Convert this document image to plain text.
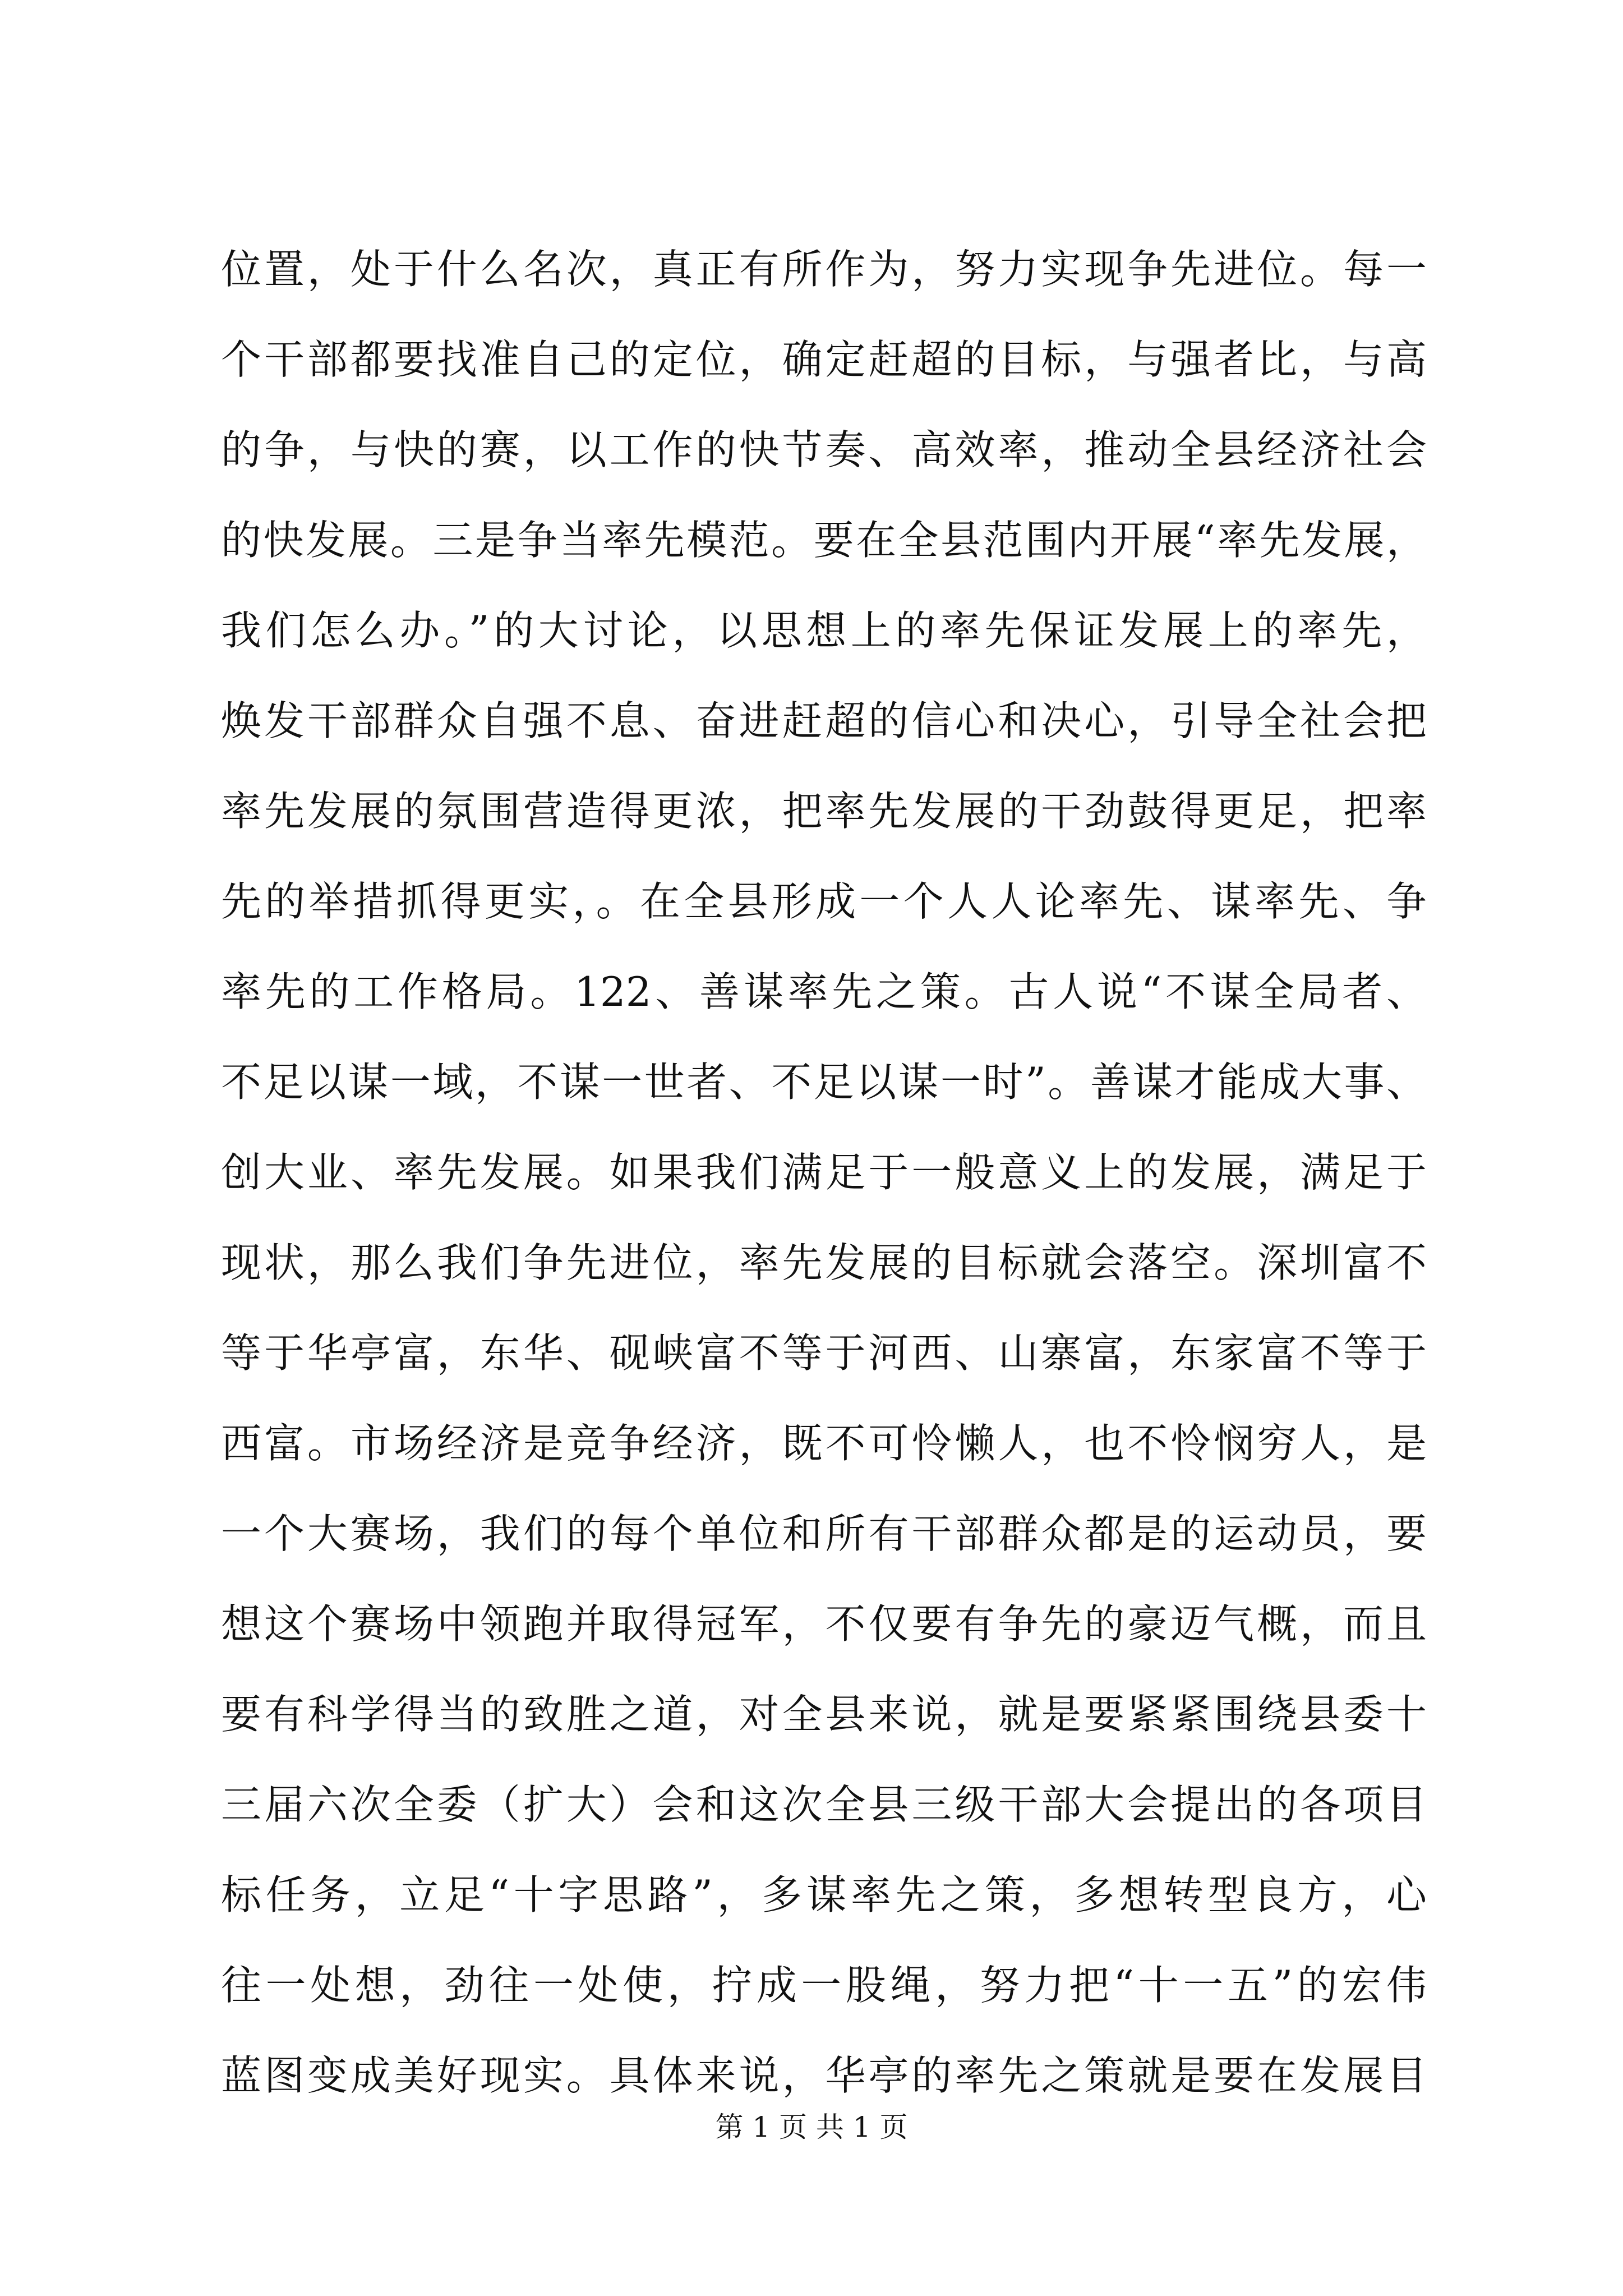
位置，处于什么名次，真正有所作为，努力实现争先进位。每一
个干部都要找准自己的定位，确定赶超的目标，与强者比，与高
的争，与快的赛，以工作的快节奏、高效率，推动全县经济社会
的快发展。三是争当率先模范。要在全县范围内开展“率先发展，
我们怎么办。”的大讨论，以思想上的率先保证发展上的率先，
焕发干部群众自强不息、奋进赶超的信心和决心，引导全社会把
率先发展的氛围营造得更浓，把率先发展的干劲鼓得更足，把率
先的举措抓得更实，。在全县形成一个人人论率先、谋率先、争
率先的工作格局。122、善谋率先之策。古人说“不谋全局者、
不足以谋一域，不谋一世者、不足以谋一时”。善谋才能成大事、
创大业、率先发展。如果我们满足于一般意义上的发展，满足于
现状，那么我们争先进位，率先发展的目标就会落空。深圳富不
等于华亭富，东华、砚峡富不等于河西、山寨富，东家富不等于
西富。市场经济是竞争经济，既不可怜懒人，也不怜悯穷人，是
一个大赛场，我们的每个单位和所有干部群众都是的运动员，要
想这个赛场中领跑并取得冠军，不仅要有争先的豪迈气概，而且
要有科学得当的致胜之道，对全县来说，就是要紧紧围绕县委十
三届六次全委（扩大）会和这次全县三级干部大会提出的各项目
标任务，立足“十字思路”，多谋率先之策，多想转型良方，心
往一处想，劲往一处使，拧成一股绳，努力把“十一五”的宏伟
蓝图变成美好现实。具体来说，华亭的率先之策就是要在发展目
第 1 页 共 1 页
